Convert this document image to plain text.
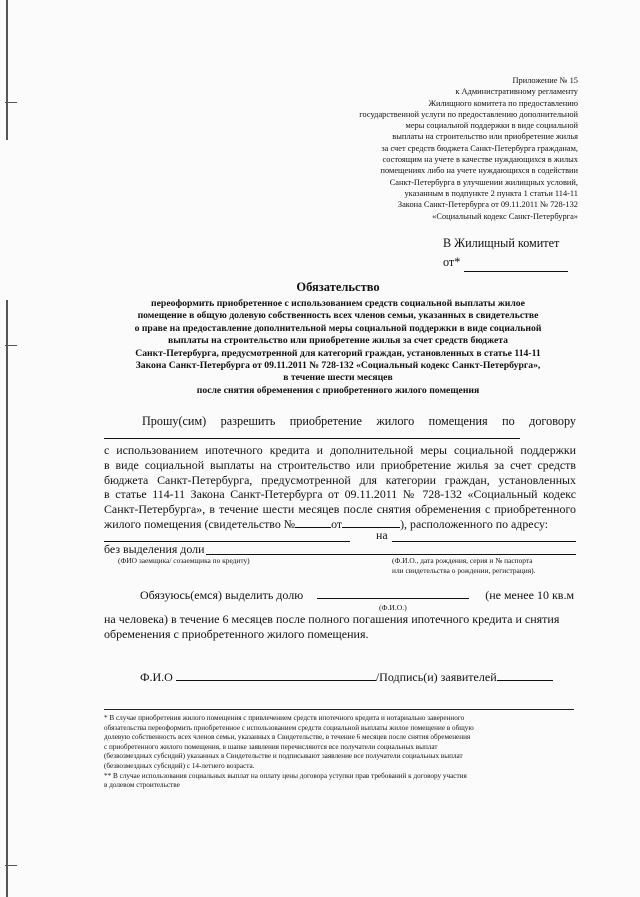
Приложение № 15
к Административному регламенту
Жилищного комитета по предоставлению
государственной услуги по предоставлению дополнительной
меры социальной поддержки в виде социальной
выплаты на строительство или приобретение жилья
за счет средств бюджета Санкт-Петербурга гражданам,
состоящим на учете в качестве нуждающихся в жилых
помещениях либо на учете нуждающихся в содействии
Санкт-Петербурга в улучшении жилищных условий,
указанным в подпункте 2 пункта 1 статьи 114-11
Закона Санкт-Петербурга от 09.11.2011 № 728-132
«Социальный кодекс Санкт-Петербурга»
В Жилищный комитет
от*
Обязательство
переоформить приобретенное с использованием средств социальной выплаты жилое
помещение в общую долевую собственность всех членов семьи, указанных в свидетельстве
о праве на предоставление дополнительной меры социальной поддержки в виде социальной
выплаты на строительство или приобретение жилья за счет средств бюджета
Санкт-Петербурга, предусмотренной для категорий граждан, установленных в статье 114-11
Закона Санкт-Петербурга от 09.11.2011 № 728-132 «Социальный кодекс Санкт-Петербурга»,
в течение шести месяцев
после снятия обременения с приобретенного жилого помещения
Прошу(сим) разрешить приобретение жилого помещения по договору
с использованием ипотечного кредита и дополнительной меры социальной поддержки
в виде социальной выплаты на строительство или приобретение жилья за счет средств
бюджета Санкт-Петербурга, предусмотренной для категории граждан, установленных
в статье 114-11 Закона Санкт-Петербурга от 09.11.2011 № 728-132 «Социальный кодекс
Санкт-Петербурга», в течение шести месяцев после снятия обременения с приобретенного
жилого помещения (свидетельство №	от	), расположенного по адресу:
на
без выделения доли
(ФИО заемщика/ созаемщика по кредиту)	(Ф.И.О., дата рождения, серия и № паспорта
или свидетельства о рождении, регистрация).
Обязуюсь(емся) выделить долю	(не менее 10 кв.м
(Ф.И.О.)
на человека) в течение 6 месяцев после полного погашения ипотечного кредита и снятия
обременения с приобретенного жилого помещения.
Ф.И.О	/Подпись(и) заявителей
* В случае приобретения жилого помещения с привлечением средств ипотечного кредита и нотариально заверенного
обязательства переоформить приобретенное с использованием средств социальной выплаты жилое помещение в общую
долевую собственность всех членов семьи, указанных в Свидетельстве, в течение 6 месяцев после снятия обременения
с приобретенного жилого помещения, в шапке заявления перечисляются все получатели социальных выплат
(безвозмездных субсидий) указанных в Свидетельстве и подписывают заявление все получатели социальных выплат
(безвозмездных субсидий) с 14-летнего возраста.
** В случае использования социальных выплат на оплату цены договора уступки прав требований к договору участия
в долевом строительстве
